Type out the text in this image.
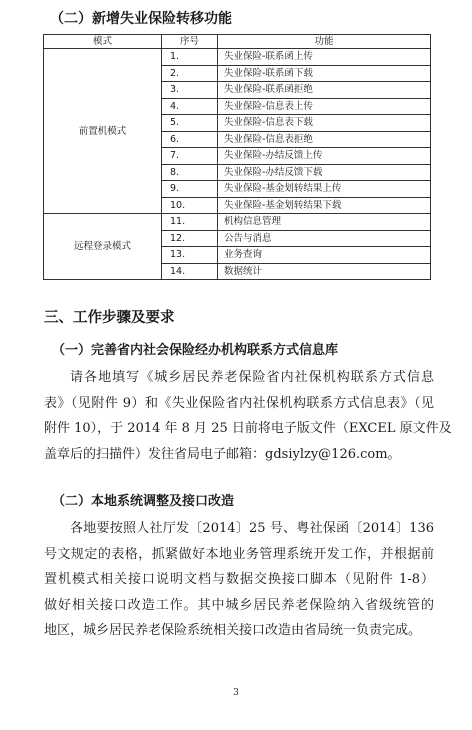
（二）新增失业保险转移功能
模式	序号	功能
前置机模式	1.	失业保险-联系函上传
	2.	失业保险-联系函下载
	3.	失业保险-联系函拒绝
	4.	失业保险-信息表上传
	5.	失业保险-信息表下载
	6.	失业保险-信息表拒绝
	7.	失业保险-办结反馈上传
	8.	失业保险-办结反馈下载
	9.	失业保险-基金划转结果上传
	10.	失业保险-基金划转结果下载
远程登录模式	11.	机构信息管理
	12.	公告与消息
	13.	业务查询
	14.	数据统计
三、工作步骤及要求
（一）完善省内社会保险经办机构联系方式信息库
请各地填写《城乡居民养老保险省内社保机构联系方式信息
表》（见附件 9）和《失业保险省内社保机构联系方式信息表》（见
附件 10），于 2014 年 8 月 25 日前将电子版文件（EXCEL 原文件及
盖章后的扫描件）发往省局电子邮箱：gdsiylzy@126.com。
（二）本地系统调整及接口改造
各地要按照人社厅发〔2014〕25 号、粤社保函〔2014〕136
号文规定的表格，抓紧做好本地业务管理系统开发工作，并根据前
置机模式相关接口说明文档与数据交换接口脚本（见附件 1-8）
做好相关接口改造工作。其中城乡居民养老保险纳入省级统管的
地区，城乡居民养老保险系统相关接口改造由省局统一负责完成。
3
